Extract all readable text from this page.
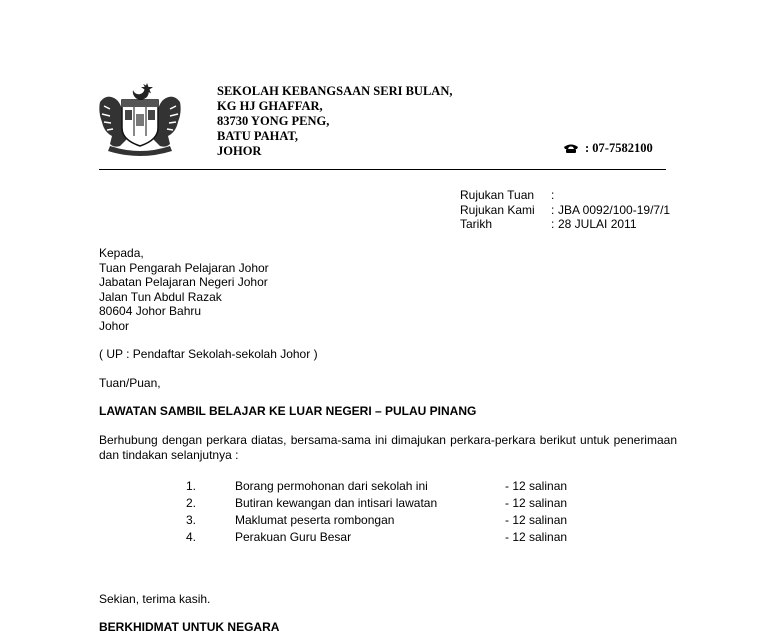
SEKOLAH KEBANGSAAN SERI BULAN,
KG HJ GHAFFAR,
83730 YONG PENG,
BATU PAHAT,
JOHOR	: 07-7582100
Rujukan Tuan	:
Rujukan Kami	: JBA 0092/100-19/7/1
Tarikh	: 28 JULAI 2011
Kepada,
Tuan Pengarah Pelajaran Johor
Jabatan Pelajaran Negeri Johor
Jalan Tun Abdul Razak
80604 Johor Bahru
Johor
( UP : Pendaftar Sekolah-sekolah Johor )
Tuan/Puan,
LAWATAN SAMBIL BELAJAR KE LUAR NEGERI – PULAU PINANG
Berhubung dengan perkara diatas, bersama-sama ini dimajukan perkara-perkara berikut untuk penerimaan dan tindakan selanjutnya :
1.	Borang permohonan dari sekolah ini	- 12 salinan
2.	Butiran kewangan dan intisari lawatan	- 12 salinan
3.	Maklumat peserta rombongan	- 12 salinan
4.	Perakuan Guru Besar	- 12 salinan
Sekian, terima kasih.
BERKHIDMAT UNTUK NEGARA
